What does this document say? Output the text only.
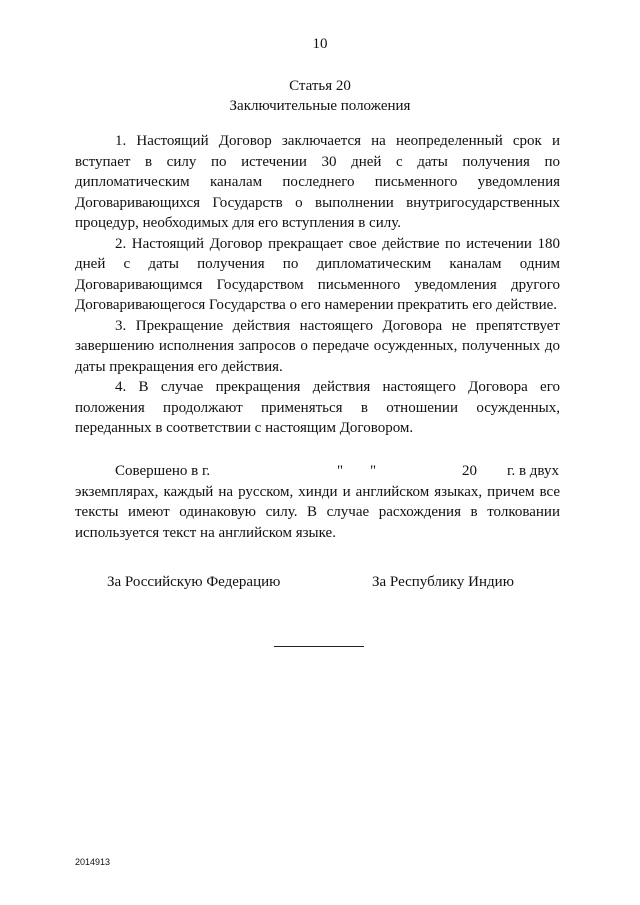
10
Статья 20
Заключительные положения

1. Настоящий Договор заключается на неопределенный срок и вступает в силу по истечении 30 дней с даты получения по дипломатическим каналам последнего письменного уведомления Договаривающихся Государств о выполнении внутригосударственных процедур, необходимых для его вступления в силу.

2. Настоящий Договор прекращает свое действие по истечении 180 дней с даты получения по дипломатическим каналам одним Договаривающимся Государством письменного уведомления другого Договаривающегося Государства о его намерении прекратить его действие.

3. Прекращение действия настоящего Договора не препятствует завершению исполнения запросов о передаче осужденных, полученных до даты прекращения его действия.

4. В случае прекращения действия настоящего Договора его положения продолжают применяться в отношении осужденных, переданных в соответствии с настоящим Договором.

Совершено в г.	" "	20 г. в двух

экземплярах, каждый на русском, хинди и английском языках, причем все тексты имеют одинаковую силу. В случае расхождения в толковании используется текст на английском языке.

За Российскую Федерацию	За Республику Индию
2014913
